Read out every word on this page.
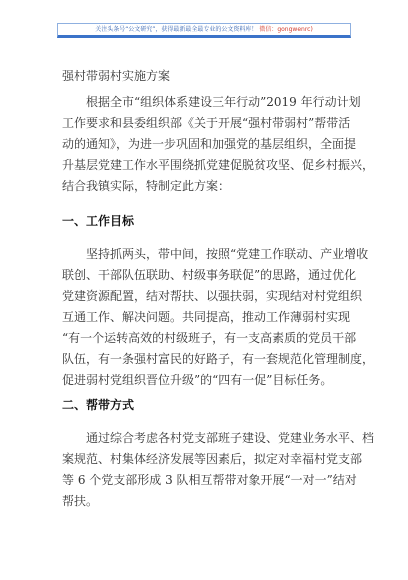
关注头条号“公文研究”，获得最新最全最专业的公文资料库！ 微信：gongwenrc)
强村带弱村实施方案

根据全市“组织体系建设三年行动”2019 年行动计划
工作要求和县委组织部《关于开展“强村带弱村”帮带活
动的通知》，为进一步巩固和加强党的基层组织，全面提
升基层党建工作水平围绕抓党建促脱贫攻坚、促乡村振兴，
结合我镇实际，特制定此方案：

一、工作目标

坚持抓两头，带中间，按照“党建工作联动、产业增收
联创、干部队伍联助、村级事务联促”的思路，通过优化
党建资源配置，结对帮扶、以强扶弱，实现结对村党组织
互通工作、解决问题。共同提高，推动工作薄弱村实现
“有一个运转高效的村级班子，有一支高素质的党员干部
队伍，有一条强村富民的好路子，有一套规范化管理制度，
促进弱村党组织晋位升级”的“四有一促”目标任务。

二、帮带方式

通过综合考虑各村党支部班子建设、党建业务水平、档
案规范、村集体经济发展等因素后，拟定对幸福村党支部
等 6 个党支部形成 3 队相互帮带对象开展“一对一”结对
帮扶。
